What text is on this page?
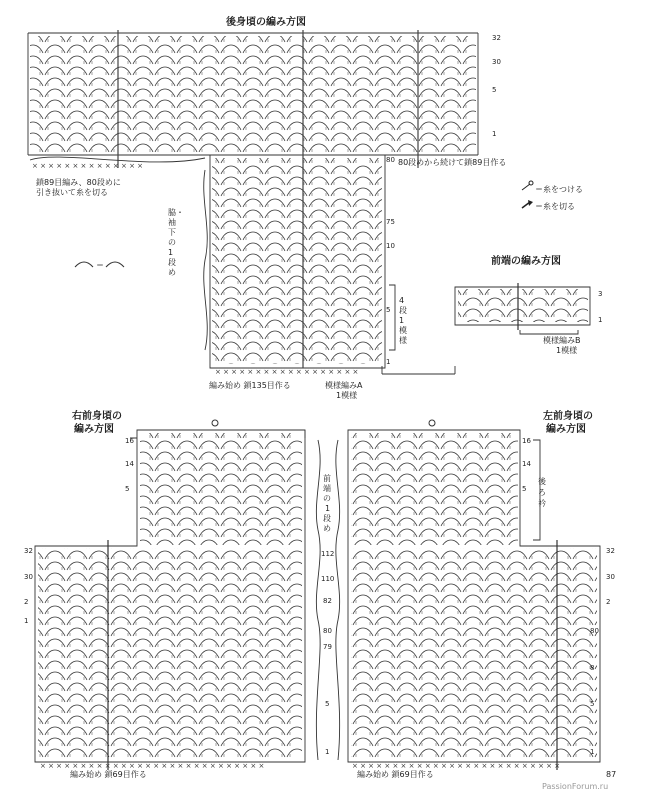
× × × × × × × × × × × × × ×
× × × × × × × × × × × × × × × × × × × × × × × × × × × ×	× × × × × × × × × × × × × × × × × × × × × × × × × ×
× × × × × × × × × × × × × × × × × ×
後身頃の編み方図
前端の編み方図
右前身頃の
編み方図
左前身頃の
編み方図
鎖89目編み、80段めに
引き抜いて糸を切る
80段めから続けて鎖89目作る
脇・袖下の1段め
編み始め 鎖135目作る	模様編みA
1模様
4
段
1
模
様
32
30
5
1
80
75
10
5
1
＝糸をつける
＝糸を切る
＝
模様編みB
1模様
3
1
編み始め 鎖69目作る
16
14
5
32
30
2
1
編み始め 鎖69目作る
16
14
5
32
30
2
80
8
5
1
後
ろ
衿
前
端
の
1
段
め
112
110
82
80
79
5
1
87
PassionForum.ru
